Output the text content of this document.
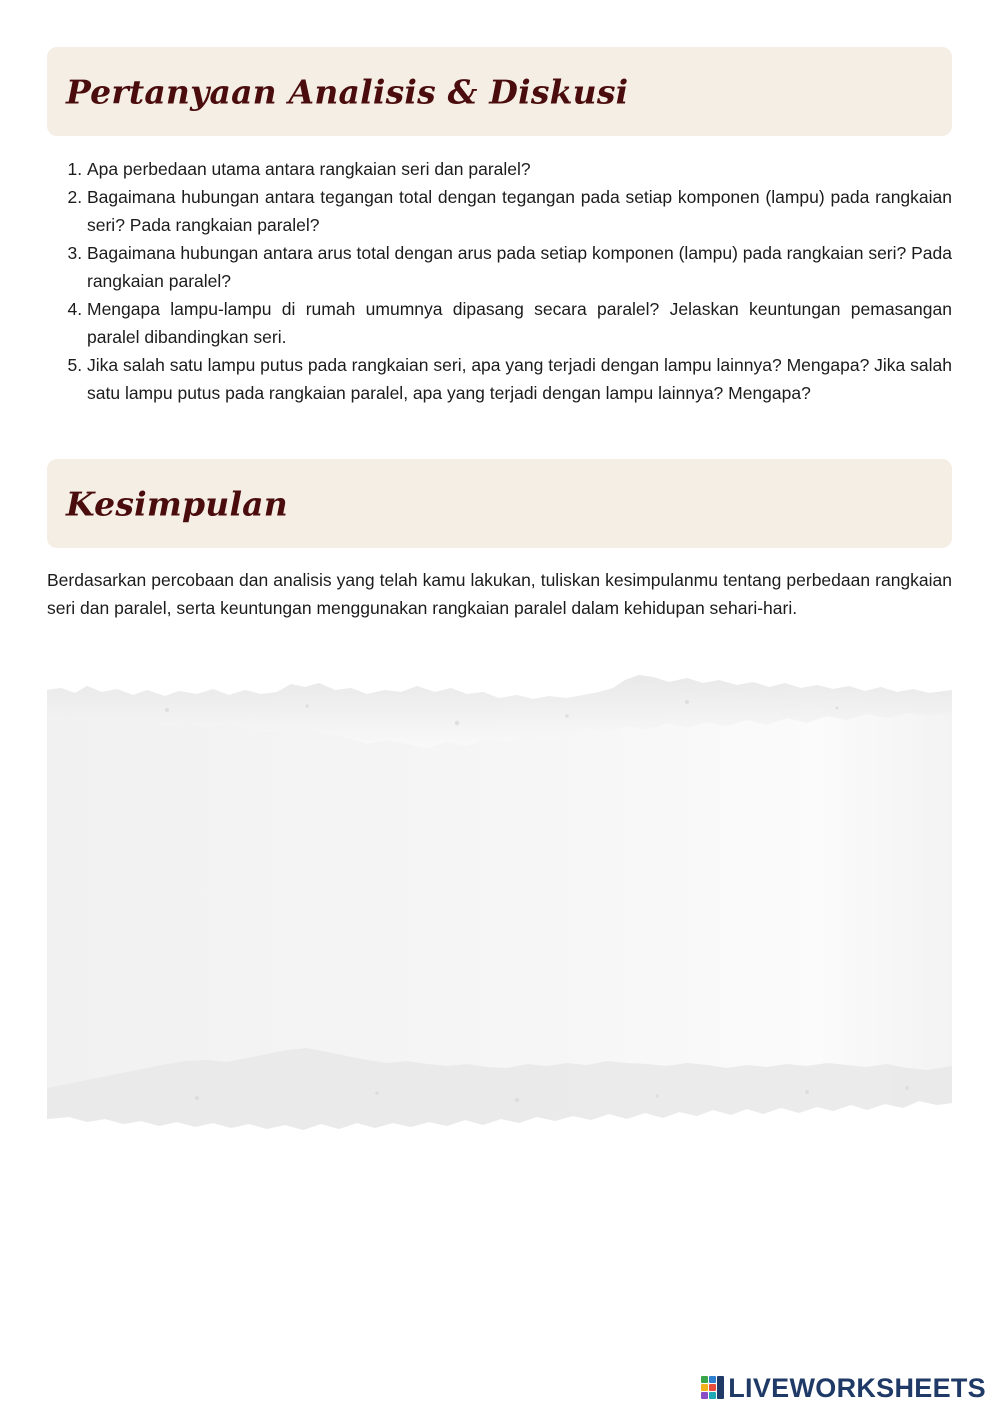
Pertanyaan Analisis & Diskusi
1. Apa perbedaan utama antara rangkaian seri dan paralel?
2. Bagaimana hubungan antara tegangan total dengan tegangan pada setiap komponen (lampu) pada rangkaian seri? Pada rangkaian paralel?
3. Bagaimana hubungan antara arus total dengan arus pada setiap komponen (lampu) pada rangkaian seri? Pada rangkaian paralel?
4. Mengapa lampu-lampu di rumah umumnya dipasang secara paralel? Jelaskan keuntungan pemasangan paralel dibandingkan seri.
5. Jika salah satu lampu putus pada rangkaian seri, apa yang terjadi dengan lampu lainnya? Mengapa? Jika salah satu lampu putus pada rangkaian paralel, apa yang terjadi dengan lampu lainnya? Mengapa?
Kesimpulan

Berdasarkan percobaan dan analisis yang telah kamu lakukan, tuliskan kesimpulanmu tentang perbedaan rangkaian seri dan paralel, serta keuntungan menggunakan rangkaian paralel dalam kehidupan sehari-hari.

LIVEWORKSHEETS
